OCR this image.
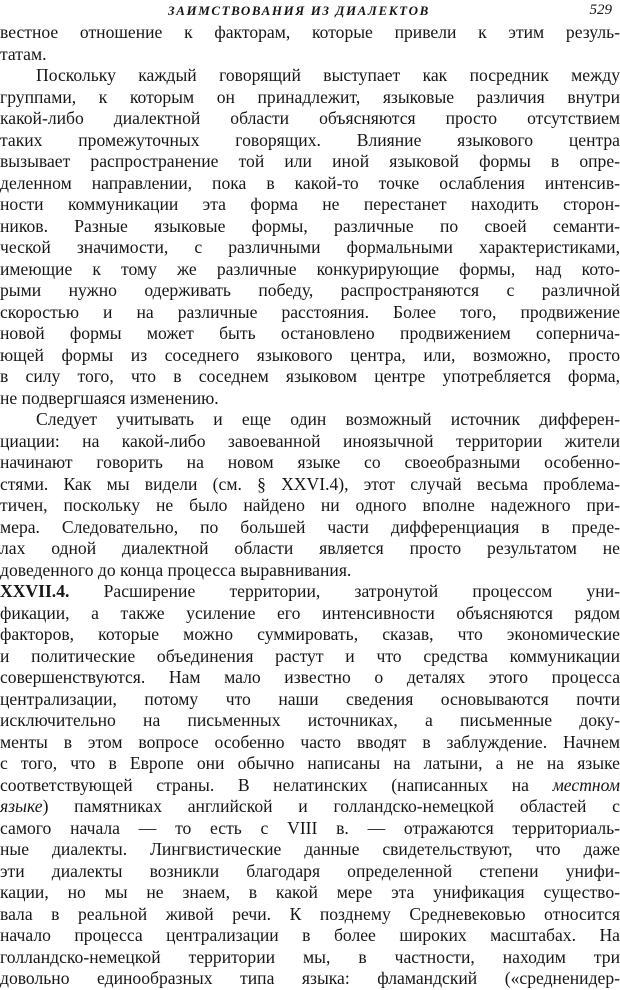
ЗАИМСТВОВАНИЯ ИЗ ДИАЛЕКТОВ	529
вестное отношение к факторам, которые привели к этим резуль-
татам.
Поскольку каждый говорящий выступает как посредник между
группами, к которым он принадлежит, языковые различия внутри
какой-либо диалектной области объясняются просто отсутствием
таких промежуточных говорящих. Влияние языкового центра
вызывает распространение той или иной языковой формы в опре-
деленном направлении, пока в какой-то точке ослабления интенсив-
ности коммуникации эта форма не перестанет находить сторон-
ников. Разные языковые формы, различные по своей семанти-
ческой значимости, с различными формальными характеристиками,
имеющие к тому же различные конкурирующие формы, над кото-
рыми нужно одерживать победу, распространяются с различной
скоростью и на различные расстояния. Более того, продвижение
новой формы может быть остановлено продвижением соперничa-
ющей формы из соседнего языкового центра, или, возможно, просто
в силу того, что в соседнем языковом центре употребляется форма,
не подвергшаяся изменению.
Следует учитывать и еще один возможный источник дифферен-
циации: на какой-либо завоеванной иноязычной территории жители
начинают говорить на новом языке со своеобразными особенно-
стями. Как мы видели (см. § XXVI.4), этот случай весьма проблема-
тичен, поскольку не было найдено ни одного вполне надежного при-
мера. Следовательно, по большей части дифференциация в преде-
лах одной диалектной области является просто результатом не
доведенного до конца процесса выравнивания.
XXVII.4. Расширение территории, затронутой процессом уни-
фикации, а также усиление его интенсивности объясняются рядом
факторов, которые можно суммировать, сказав, что экономические
и политические объединения растут и что средства коммуникации
совершенствуются. Нам мало известно о деталях этого процесса
централизации, потому что наши сведения основываются почти
исключительно на письменных источниках, а письменные доку-
менты в этом вопросе особенно часто вводят в заблуждение. Начнем
с того, что в Европе они обычно написаны на латыни, а не на языке
соответствующей страны. В нелатинских (написанных на местном
языке) памятниках английской и голландско-немецкой областей с
самого начала — то есть с VIII в. — отражаются территориаль-
ные диалекты. Лингвистические данные свидетельствуют, что даже
эти диалекты возникли благодаря определенной степени унифи-
кации, но мы не знаем, в какой мере эта унификация существо-
вала в реальной живой речи. К позднему Средневековью относится
начало процесса централизации в более широких масштабах. На
голландско-немецкой территории мы, в частности, находим три
довольно единообразных типа языка: фламандский («средненидер-
